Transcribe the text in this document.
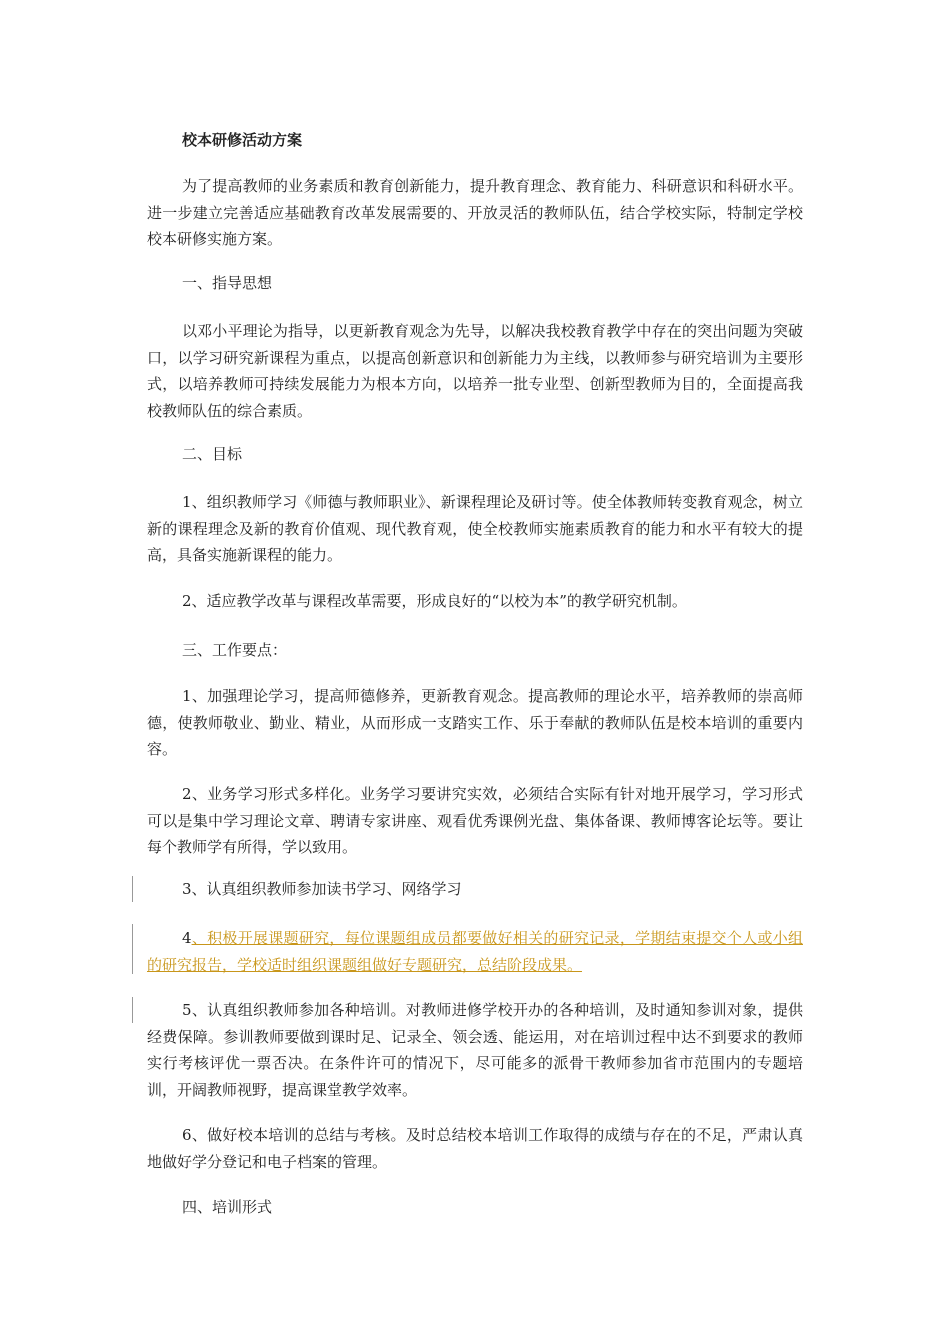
校本研修活动方案

为了提高教师的业务素质和教育创新能力，提升教育理念、教育能力、科研意识和科研水平。进一步建立完善适应基础教育改革发展需要的、开放灵活的教师队伍，结合学校实际，特制定学校校本研修实施方案。

一、指导思想

以邓小平理论为指导，以更新教育观念为先导，以解决我校教育教学中存在的突出问题为突破口，以学习研究新课程为重点，以提高创新意识和创新能力为主线，以教师参与研究培训为主要形式，以培养教师可持续发展能力为根本方向，以培养一批专业型、创新型教师为目的，全面提高我校教师队伍的综合素质。

二、目标

1、组织教师学习《师德与教师职业》、新课程理论及研讨等。使全体教师转变教育观念，树立新的课程理念及新的教育价值观、现代教育观，使全校教师实施素质教育的能力和水平有较大的提高，具备实施新课程的能力。

2、适应教学改革与课程改革需要，形成良好的“以校为本”的教学研究机制。

三、工作要点：

1、加强理论学习，提高师德修养，更新教育观念。提高教师的理论水平，培养教师的崇高师德，使教师敬业、勤业、精业，从而形成一支踏实工作、乐于奉献的教师队伍是校本培训的重要内容。

2、业务学习形式多样化。业务学习要讲究实效，必须结合实际有针对地开展学习，学习形式可以是集中学习理论文章、聘请专家讲座、观看优秀课例光盘、集体备课、教师博客论坛等。要让每个教师学有所得，学以致用。

3、认真组织教师参加读书学习、网络学习

4、积极开展课题研究，每位课题组成员都要做好相关的研究记录，学期结束提交个人或小组的研究报告，学校适时组织课题组做好专题研究，总结阶段成果。

5、认真组织教师参加各种培训。对教师进修学校开办的各种培训，及时通知参训对象，提供经费保障。参训教师要做到课时足、记录全、领会透、能运用，对在培训过程中达不到要求的教师实行考核评优一票否决。在条件许可的情况下，尽可能多的派骨干教师参加省市范围内的专题培训，开阔教师视野，提高课堂教学效率。

6、做好校本培训的总结与考核。及时总结校本培训工作取得的成绩与存在的不足，严肃认真地做好学分登记和电子档案的管理。

四、培训形式
